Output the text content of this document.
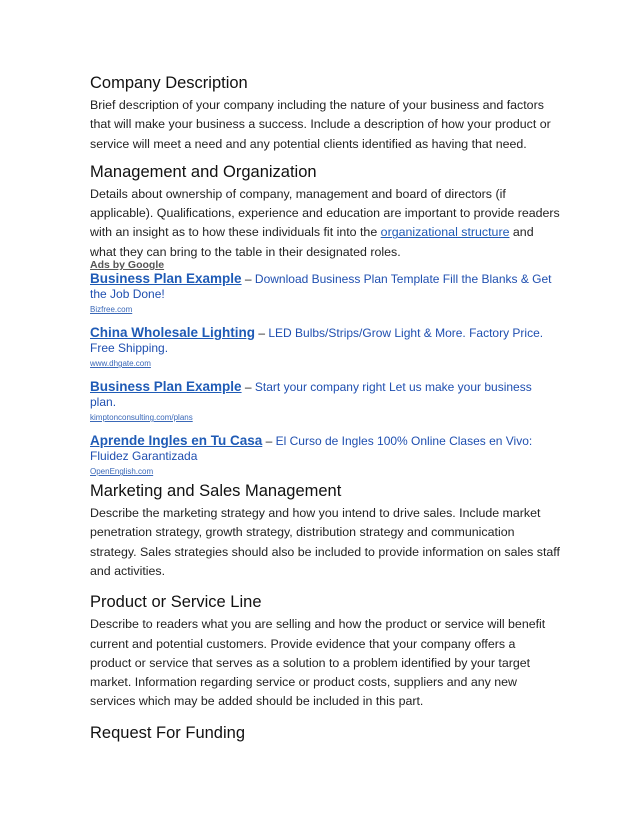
Company Description

Brief description of your company including the nature of your business and factors that will make your business a success. Include a description of how your product or service will meet a need and any potential clients identified as having that need.

Management and Organization

Details about ownership of company, management and board of directors (if applicable). Qualifications, experience and education are important to provide readers with an insight as to how these individuals fit into the organizational structure and what they can bring to the table in their designated roles.

Ads by Google
Business Plan Example – Download Business Plan Template Fill the Blanks & Get the Job Done!
Bizfree.com
China Wholesale Lighting – LED Bulbs/Strips/Grow Light & More. Factory Price. Free Shipping.
www.dhgate.com
Business Plan Example – Start your company right Let us make your business plan.
kimptonconsulting.com/plans
Aprende Ingles en Tu Casa – El Curso de Ingles 100% Online Clases en Vivo: Fluidez Garantizada
OpenEnglish.com
Marketing and Sales Management

Describe the marketing strategy and how you intend to drive sales. Include market penetration strategy, growth strategy, distribution strategy and communication strategy. Sales strategies should also be included to provide information on sales staff and activities.

Product or Service Line

Describe to readers what you are selling and how the product or service will benefit current and potential customers. Provide evidence that your company offers a product or service that serves as a solution to a problem identified by your target market. Information regarding service or product costs, suppliers and any new services which may be added should be included in this part.

Request For Funding
